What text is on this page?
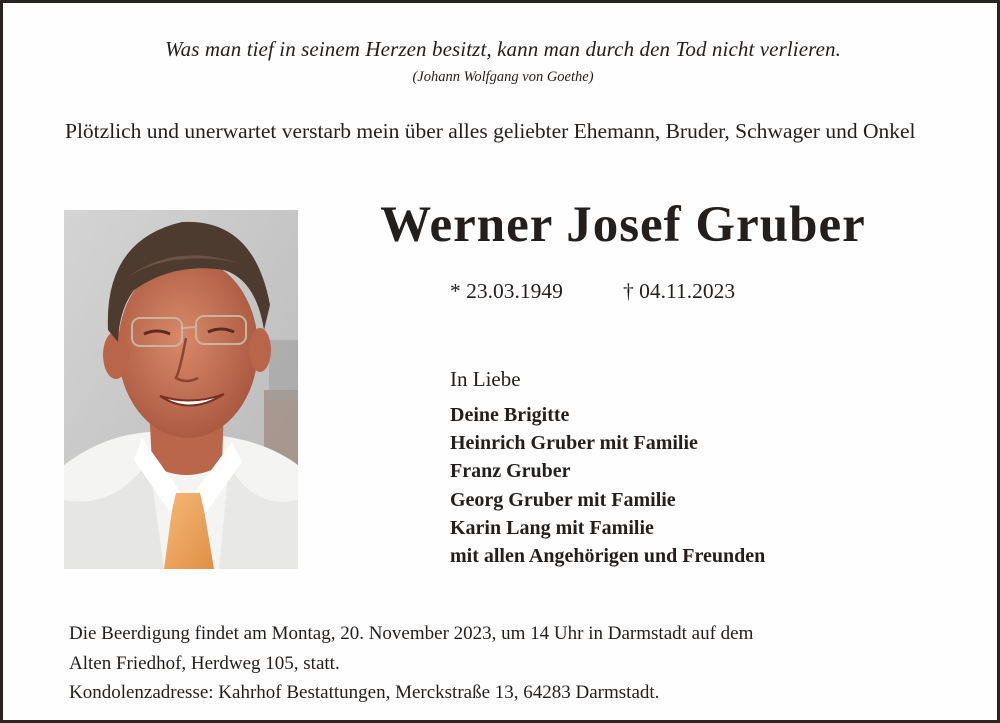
Was man tief in seinem Herzen besitzt, kann man durch den Tod nicht verlieren.
(Johann Wolfgang von Goethe)
Plötzlich und unerwartet verstarb mein über alles geliebter Ehemann, Bruder, Schwager und Onkel
Werner Josef Gruber
* 23.03.1949	† 04.11.2023
In Liebe
Deine Brigitte
Heinrich Gruber mit Familie
Franz Gruber
Georg Gruber mit Familie
Karin Lang mit Familie
mit allen Angehörigen und Freunden
Die Beerdigung findet am Montag, 20. November 2023, um 14 Uhr in Darmstadt auf dem
Alten Friedhof, Herdweg 105, statt.
Kondolenzadresse: Kahrhof Bestattungen, Merckstraße 13, 64283 Darmstadt.
